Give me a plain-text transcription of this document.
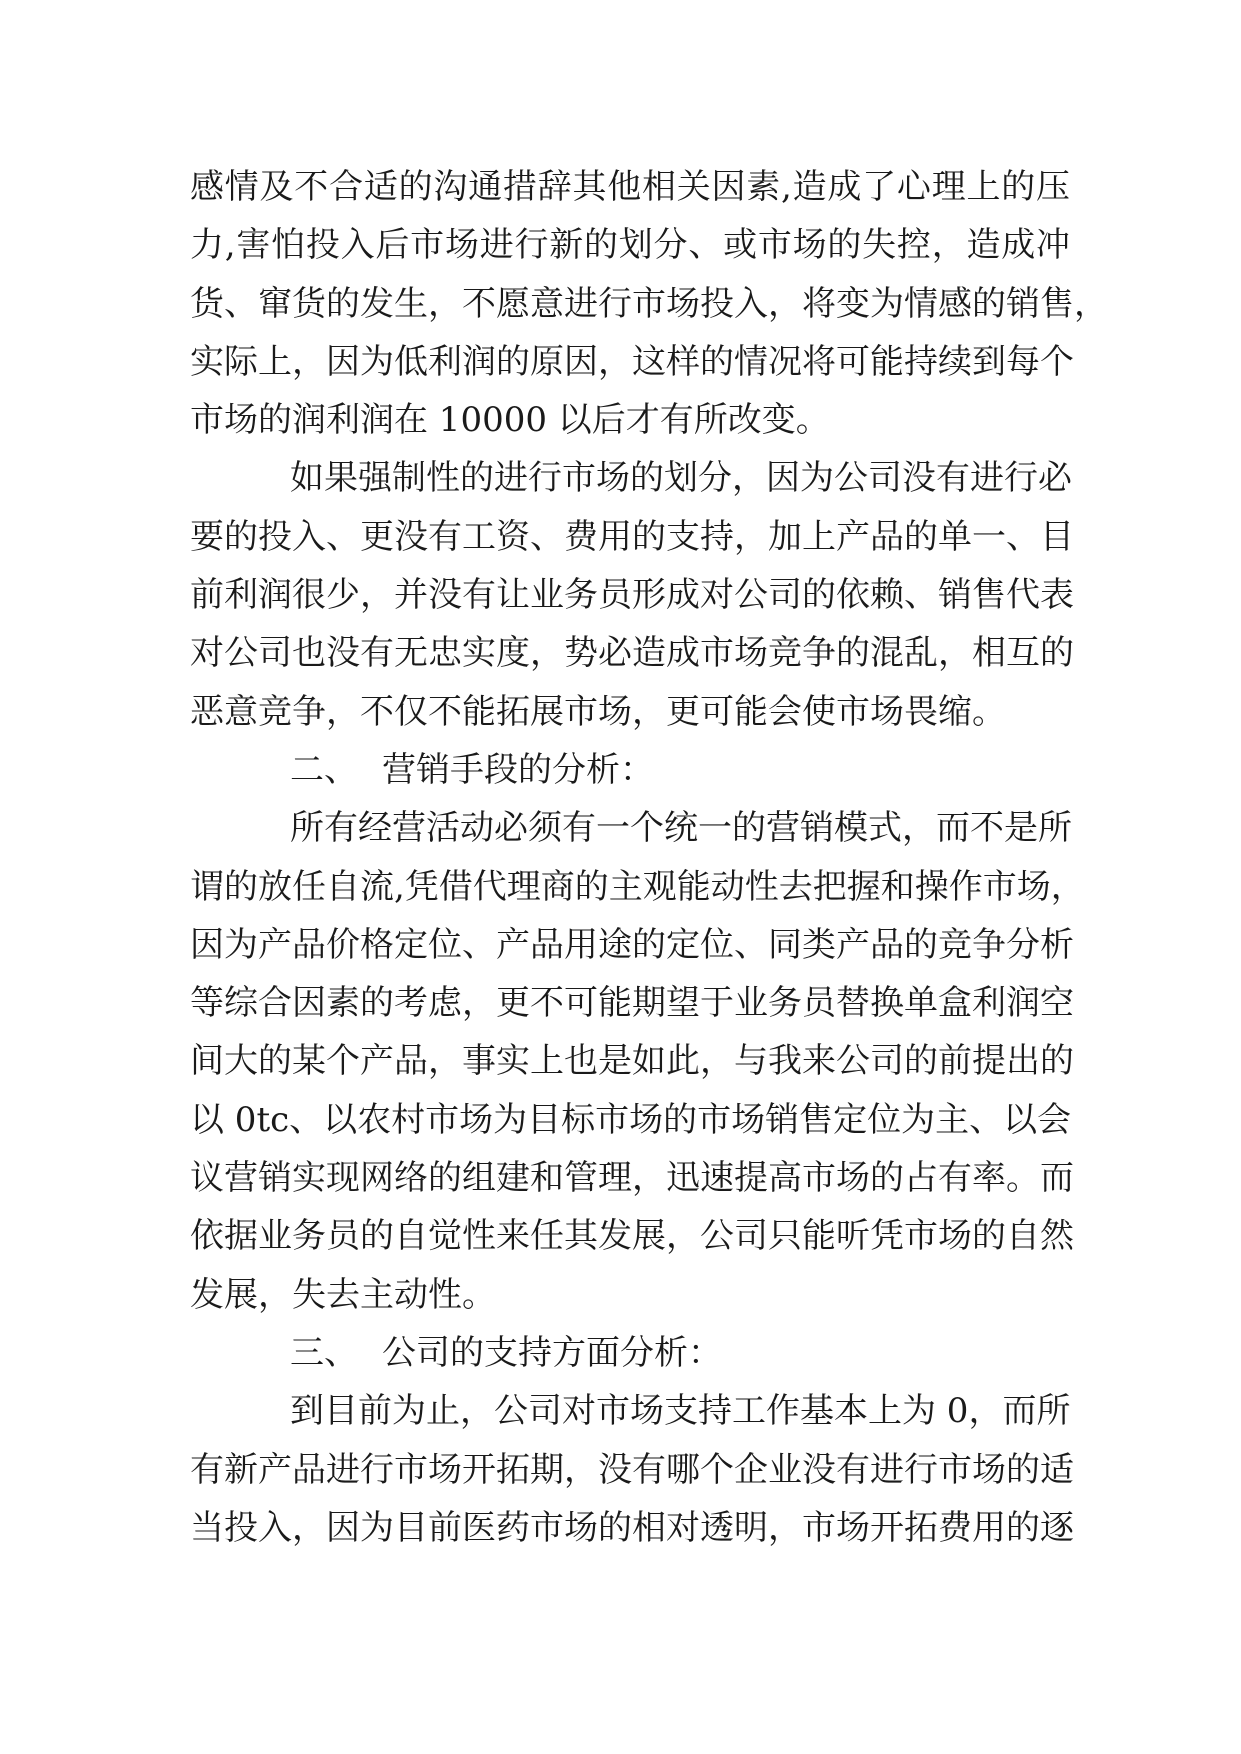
感情及不合适的沟通措辞其他相关因素,造成了心理上的压
力,害怕投入后市场进行新的划分、或市场的失控，造成冲
货、窜货的发生，不愿意进行市场投入，将变为情感的销售，
实际上，因为低利润的原因，这样的情况将可能持续到每个
市场的润利润在 10000 以后才有所改变。
如果强制性的进行市场的划分，因为公司没有进行必
要的投入、更没有工资、费用的支持，加上产品的单一、目
前利润很少，并没有让业务员形成对公司的依赖、销售代表
对公司也没有无忠实度，势必造成市场竞争的混乱，相互的
恶意竞争，不仅不能拓展市场，更可能会使市场畏缩。
二、 营销手段的分析：
所有经营活动必须有一个统一的营销模式，而不是所
谓的放任自流,凭借代理商的主观能动性去把握和操作市场，
因为产品价格定位、产品用途的定位、同类产品的竞争分析
等综合因素的考虑，更不可能期望于业务员替换单盒利润空
间大的某个产品，事实上也是如此，与我来公司的前提出的
以 0tc、以农村市场为目标市场的市场销售定位为主、以会
议营销实现网络的组建和管理，迅速提高市场的占有率。而
依据业务员的自觉性来任其发展，公司只能听凭市场的自然
发展，失去主动性。
三、 公司的支持方面分析：
到目前为止，公司对市场支持工作基本上为 0，而所
有新产品进行市场开拓期，没有哪个企业没有进行市场的适
当投入，因为目前医药市场的相对透明，市场开拓费用的逐
